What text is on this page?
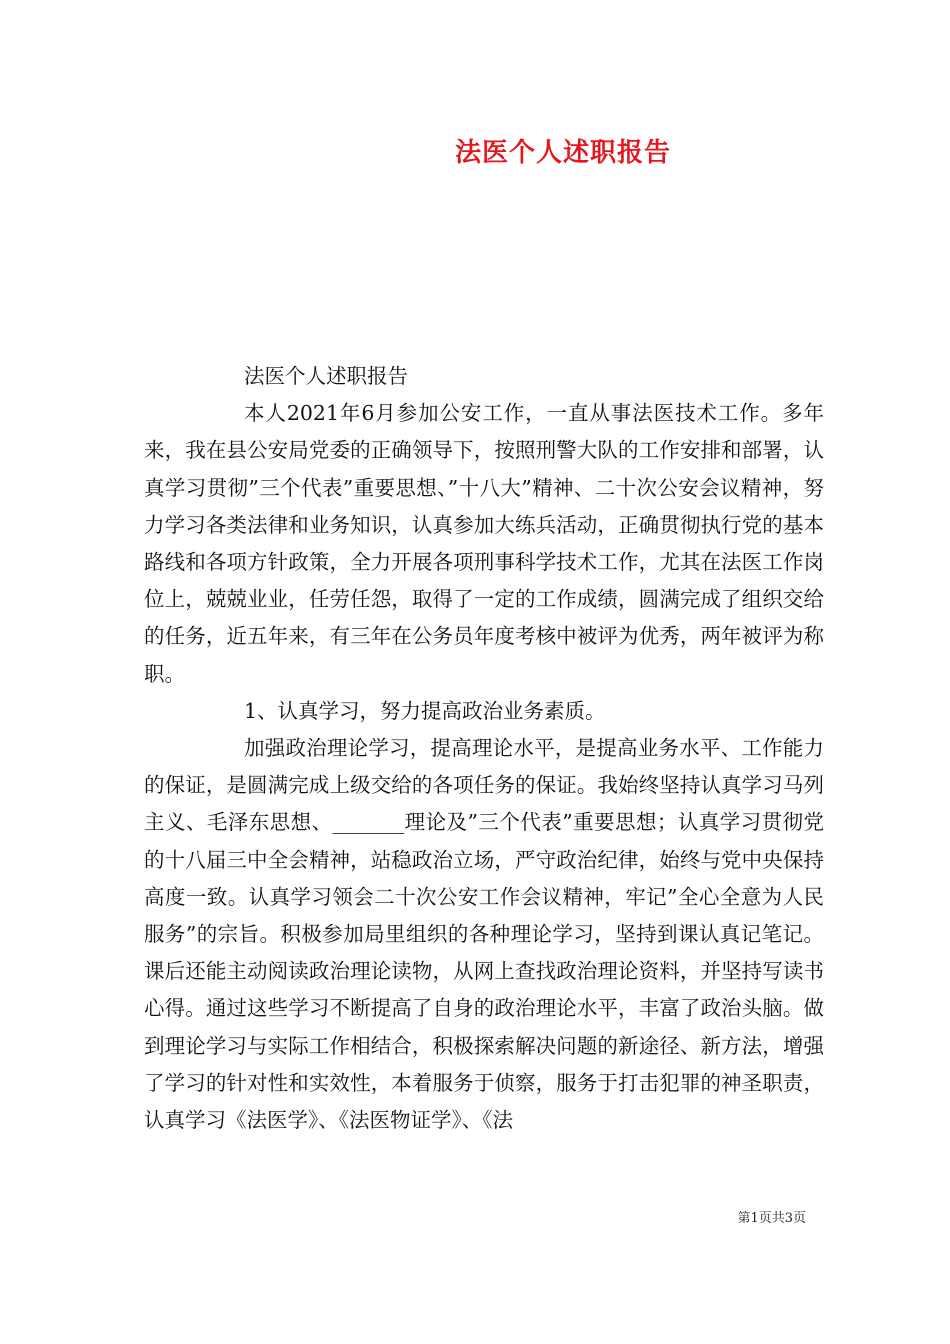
法医个人述职报告

法医个人述职报告

本人2021年6月参加公安工作，一直从事法医技术工作。多年来，我在县公安局党委的正确领导下，按照刑警大队的工作安排和部署，认真学习贯彻”三个代表”重要思想、”十八大”精神、二十次公安会议精神，努力学习各类法律和业务知识，认真参加大练兵活动，正确贯彻执行党的基本路线和各项方针政策，全力开展各项刑事科学技术工作，尤其在法医工作岗位上，兢兢业业，任劳任怨，取得了一定的工作成绩，圆满完成了组织交给的任务，近五年来，有三年在公务员年度考核中被评为优秀，两年被评为称职。

1、认真学习，努力提高政治业务素质。

加强政治理论学习，提高理论水平，是提高业务水平、工作能力的保证，是圆满完成上级交给的各项任务的保证。我始终坚持认真学习马列主义、毛泽东思想、_______理论及”三个代表”重要思想；认真学习贯彻党的十八届三中全会精神，站稳政治立场，严守政治纪律，始终与党中央保持高度一致。认真学习领会二十次公安工作会议精神，牢记”全心全意为人民服务”的宗旨。积极参加局里组织的各种理论学习，坚持到课认真记笔记。课后还能主动阅读政治理论读物，从网上查找政治理论资料，并坚持写读书心得。通过这些学习不断提高了自身的政治理论水平，丰富了政治头脑。做到理论学习与实际工作相结合，积极探索解决问题的新途径、新方法，增强了学习的针对性和实效性，本着服务于侦察，服务于打击犯罪的神圣职责，认真学习《法医学》、《法医物证学》、《法

第1页共3页
